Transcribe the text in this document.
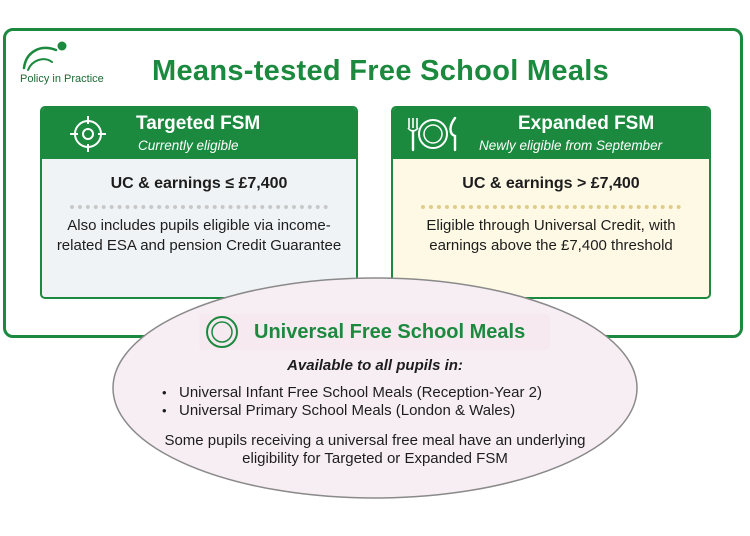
Policy in Practice Means-tested Free School Meals
Targeted FSM
Currently eligible
UC & earnings ≤ £7,400
Also includes pupils eligible via income-related ESA and pension Credit Guarantee
Expanded FSM
Newly eligible from September
UC & earnings > £7,400
Eligible through Universal Credit, with earnings above the £7,400 threshold
Universal Free School Meals
Available to all pupils in:
• Universal Infant Free School Meals (Reception-Year 2)
• Universal Primary School Meals (London & Wales)
Some pupils receiving a universal free meal have an underlying eligibility for Targeted or Expanded FSM
